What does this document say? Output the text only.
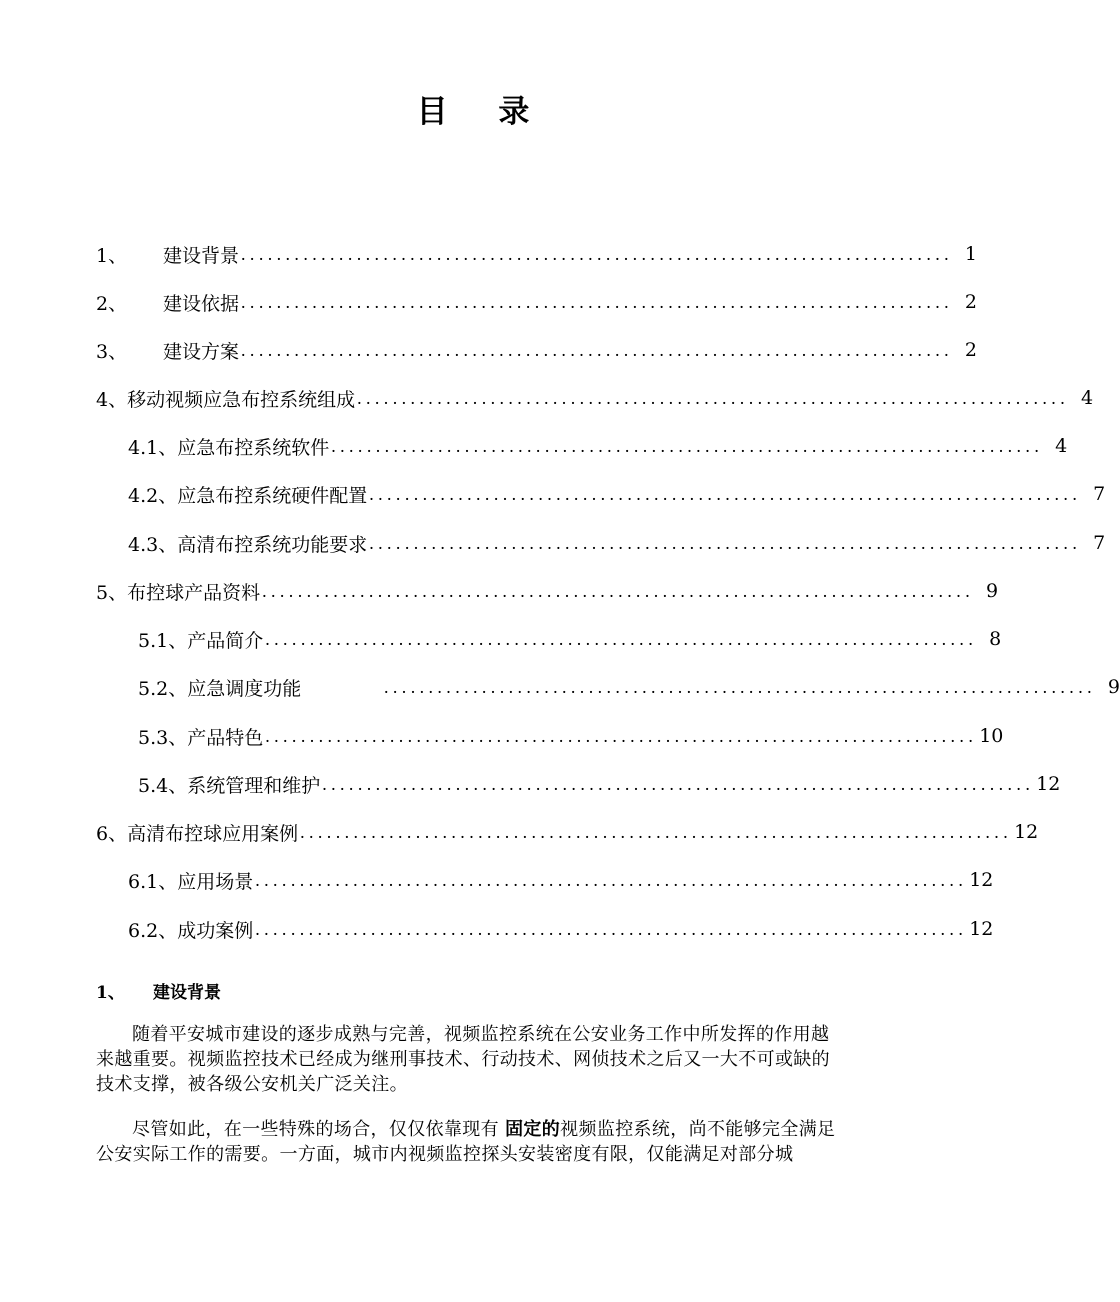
目 录
1、	建设背景 ................................................................................ 1
2、	建设依据 ................................................................................ 2
3、	建设方案 ................................................................................ 2
4、移动视频应急布控系统组成 ................................................................................ 4
4.1、应急布控系统软件 ................................................................................ 4
4.2、应急布控系统硬件配置 ................................................................................ 7
4.3、高清布控系统功能要求 ................................................................................ 7
5、布控球产品资料 ................................................................................ 9
5.1、产品简介 ................................................................................ 8
5.2、应急调度功能	................................................................................ 9
5.3、产品特色 ................................................................................ 10
5.4、系统管理和维护 ................................................................................ 12
6、高清布控球应用案例 ................................................................................ 12
6.1、应用场景 ................................................................................ 12
6.2、成功案例 ................................................................................ 12
1、	建设背景

随着平安城市建设的逐步成熟与完善，视频监控系统在公安业务工作中所发挥的作用越来越重要。视频监控技术已经成为继刑事技术、行动技术、网侦技术之后又一大不可或缺的技术支撑，被各级公安机关广泛关注。

尽管如此，在一些特殊的场合，仅仅依靠现有 固定的视频监控系统，尚不能够完全满足公安实际工作的需要。一方面，城市内视频监控探头安装密度有限，仅能满足对部分城
